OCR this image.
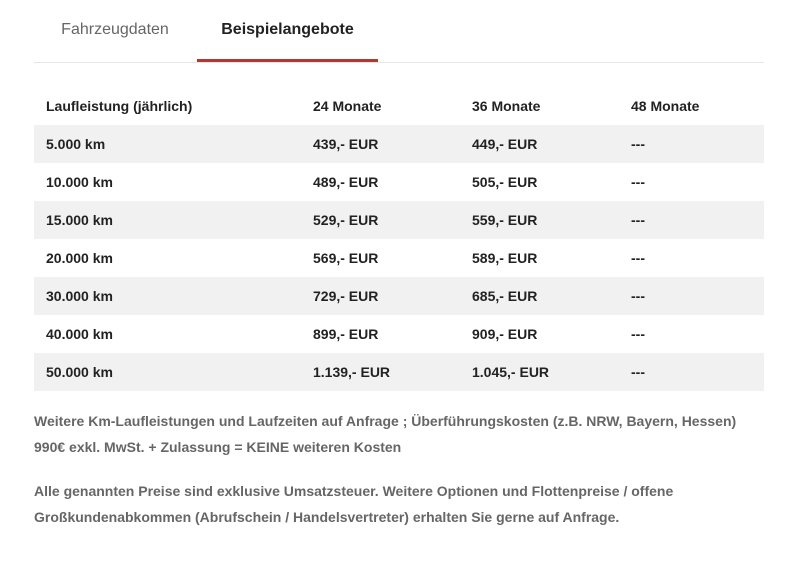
Fahrzeugdaten	Beispielangebote
Laufleistung (jährlich)	24 Monate	36 Monate	48 Monate
5.000 km	439,- EUR	449,- EUR	---
10.000 km	489,- EUR	505,- EUR	---
15.000 km	529,- EUR	559,- EUR	---
20.000 km	569,- EUR	589,- EUR	---
30.000 km	729,- EUR	685,- EUR	---
40.000 km	899,- EUR	909,- EUR	---
50.000 km	1.139,- EUR	1.045,- EUR	---

Weitere Km-Laufleistungen und Laufzeiten auf Anfrage ; Überführungskosten (z.B. NRW, Bayern, Hessen) 990€ exkl. MwSt. + Zulassung = KEINE weiteren Kosten

Alle genannten Preise sind exklusive Umsatzsteuer. Weitere Optionen und Flottenpreise / offene Großkundenabkommen (Abrufschein / Handelsvertreter) erhalten Sie gerne auf Anfrage.
